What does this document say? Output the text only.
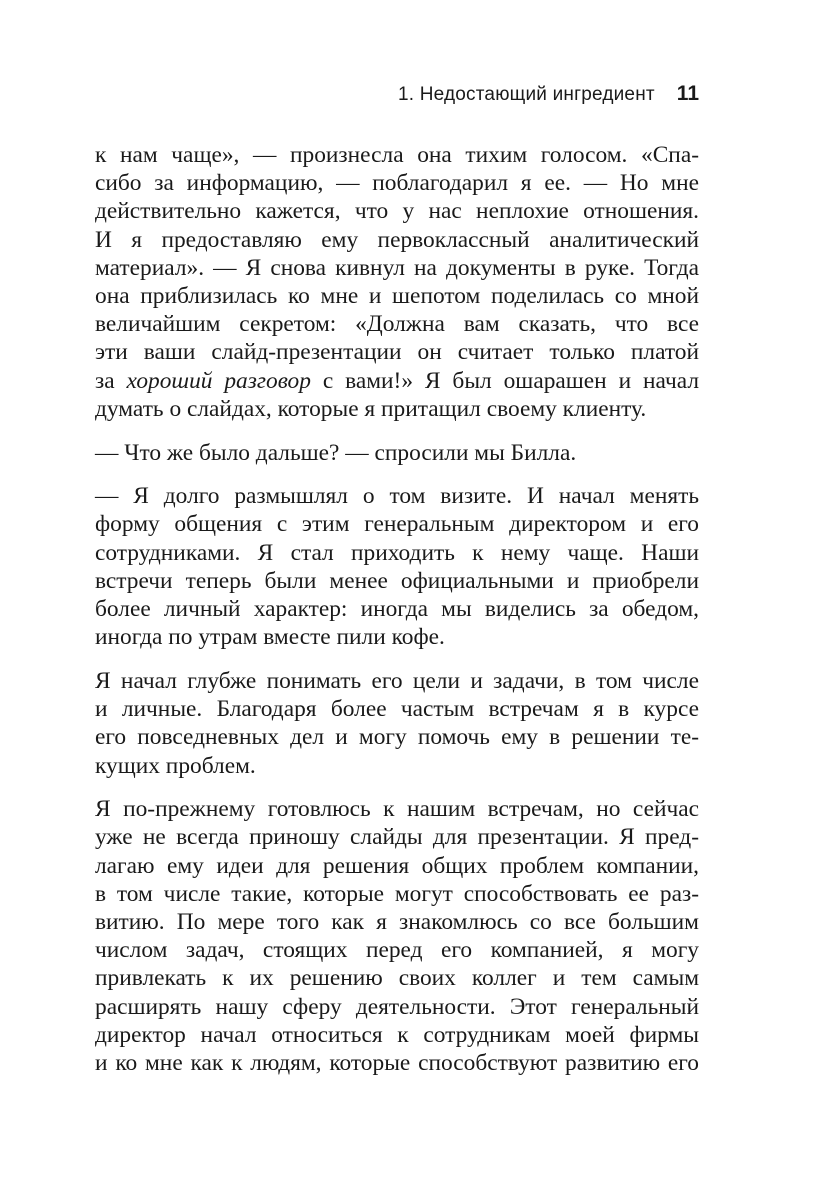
1. Недостающий ингредиент 11

к нам чаще», — произнесла она тихим голосом. «Спа-
сибо за информацию, — поблагодарил я ее. — Но мне
действительно кажется, что у нас неплохие отношения.
И я предоставляю ему первоклассный аналитический
материал». — Я снова кивнул на документы в руке. Тогда
она приблизилась ко мне и шепотом поделилась со мной
величайшим секретом: «Должна вам сказать, что все
эти ваши слайд-презентации он считает только платой
за хороший разговор с вами!» Я был ошарашен и начал
думать о слайдах, которые я притащил своему клиенту.

— Что же было дальше? — спросили мы Билла.

— Я долго размышлял о том визите. И начал менять
форму общения с этим генеральным директором и его
сотрудниками. Я стал приходить к нему чаще. Наши
встречи теперь были менее официальными и приобрели
более личный характер: иногда мы виделись за обедом,
иногда по утрам вместе пили кофе.

Я начал глубже понимать его цели и задачи, в том числе
и личные. Благодаря более частым встречам я в курсе
его повседневных дел и могу помочь ему в решении те-
кущих проблем.

Я по-прежнему готовлюсь к нашим встречам, но сейчас
уже не всегда приношу слайды для презентации. Я пред-
лагаю ему идеи для решения общих проблем компании,
в том числе такие, которые могут способствовать ее раз-
витию. По мере того как я знакомлюсь со все большим
числом задач, стоящих перед его компанией, я могу
привлекать к их решению своих коллег и тем самым
расширять нашу сферу деятельности. Этот генеральный
директор начал относиться к сотрудникам моей фирмы
и ко мне как к людям, которые способствуют развитию его
